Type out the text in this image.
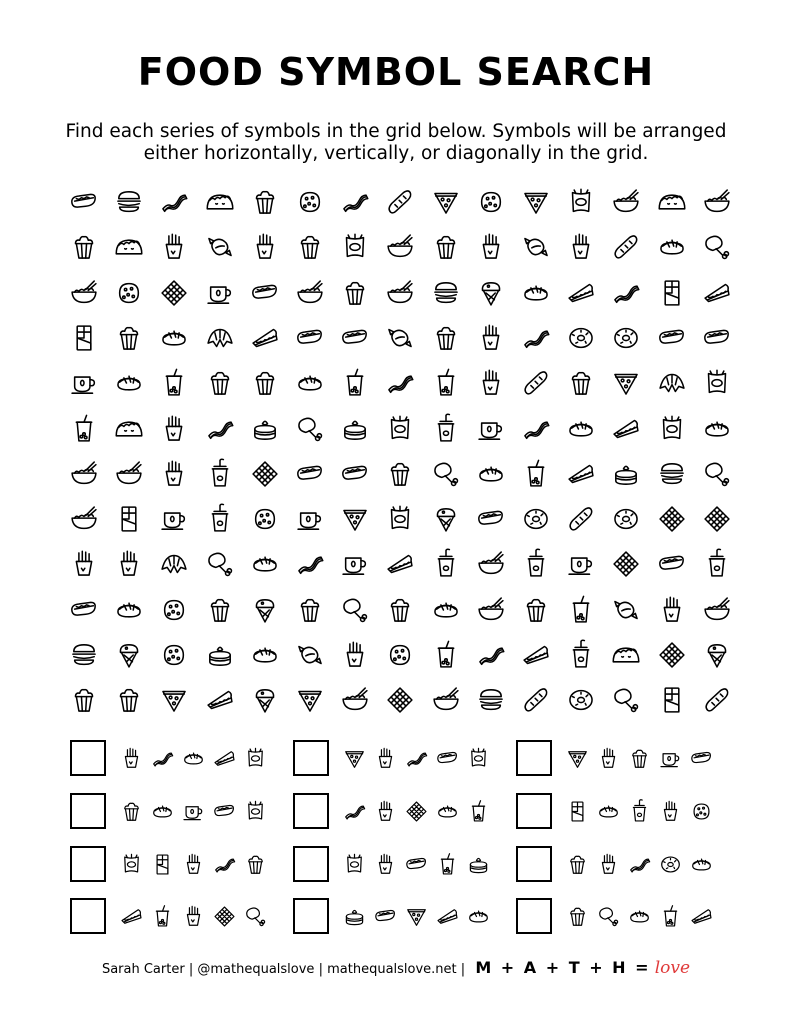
FOOD SYMBOL SEARCH
Find each series of symbols in the grid below. Symbols will be arranged either horizontally, vertically, or diagonally in the grid.
Sarah Carter | @mathequalslove | mathequalslove.net | M + A + T + H = love
